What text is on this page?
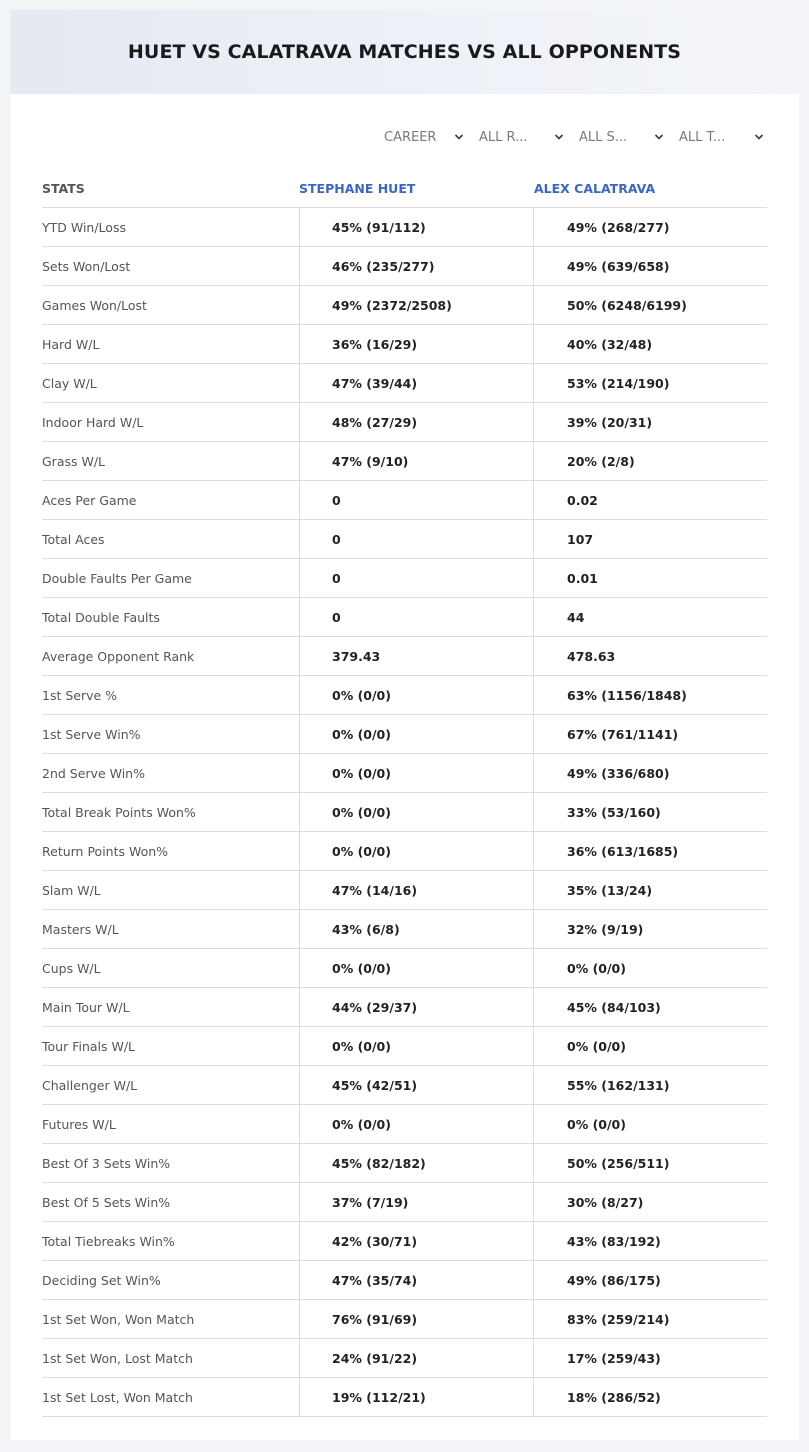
HUET VS CALATRAVA MATCHES VS ALL OPPONENTS
CAREER	ALL R...	ALL S...	ALL T...
STATS	STEPHANE HUET	ALEX CALATRAVA
YTD Win/Loss	45% (91/112)	49% (268/277)
Sets Won/Lost	46% (235/277)	49% (639/658)
Games Won/Lost	49% (2372/2508)	50% (6248/6199)
Hard W/L	36% (16/29)	40% (32/48)
Clay W/L	47% (39/44)	53% (214/190)
Indoor Hard W/L	48% (27/29)	39% (20/31)
Grass W/L	47% (9/10)	20% (2/8)
Aces Per Game	0	0.02
Total Aces	0	107
Double Faults Per Game	0	0.01
Total Double Faults	0	44
Average Opponent Rank	379.43	478.63
1st Serve %	0% (0/0)	63% (1156/1848)
1st Serve Win%	0% (0/0)	67% (761/1141)
2nd Serve Win%	0% (0/0)	49% (336/680)
Total Break Points Won%	0% (0/0)	33% (53/160)
Return Points Won%	0% (0/0)	36% (613/1685)
Slam W/L	47% (14/16)	35% (13/24)
Masters W/L	43% (6/8)	32% (9/19)
Cups W/L	0% (0/0)	0% (0/0)
Main Tour W/L	44% (29/37)	45% (84/103)
Tour Finals W/L	0% (0/0)	0% (0/0)
Challenger W/L	45% (42/51)	55% (162/131)
Futures W/L	0% (0/0)	0% (0/0)
Best Of 3 Sets Win%	45% (82/182)	50% (256/511)
Best Of 5 Sets Win%	37% (7/19)	30% (8/27)
Total Tiebreaks Win%	42% (30/71)	43% (83/192)
Deciding Set Win%	47% (35/74)	49% (86/175)
1st Set Won, Won Match	76% (91/69)	83% (259/214)
1st Set Won, Lost Match	24% (91/22)	17% (259/43)
1st Set Lost, Won Match	19% (112/21)	18% (286/52)
